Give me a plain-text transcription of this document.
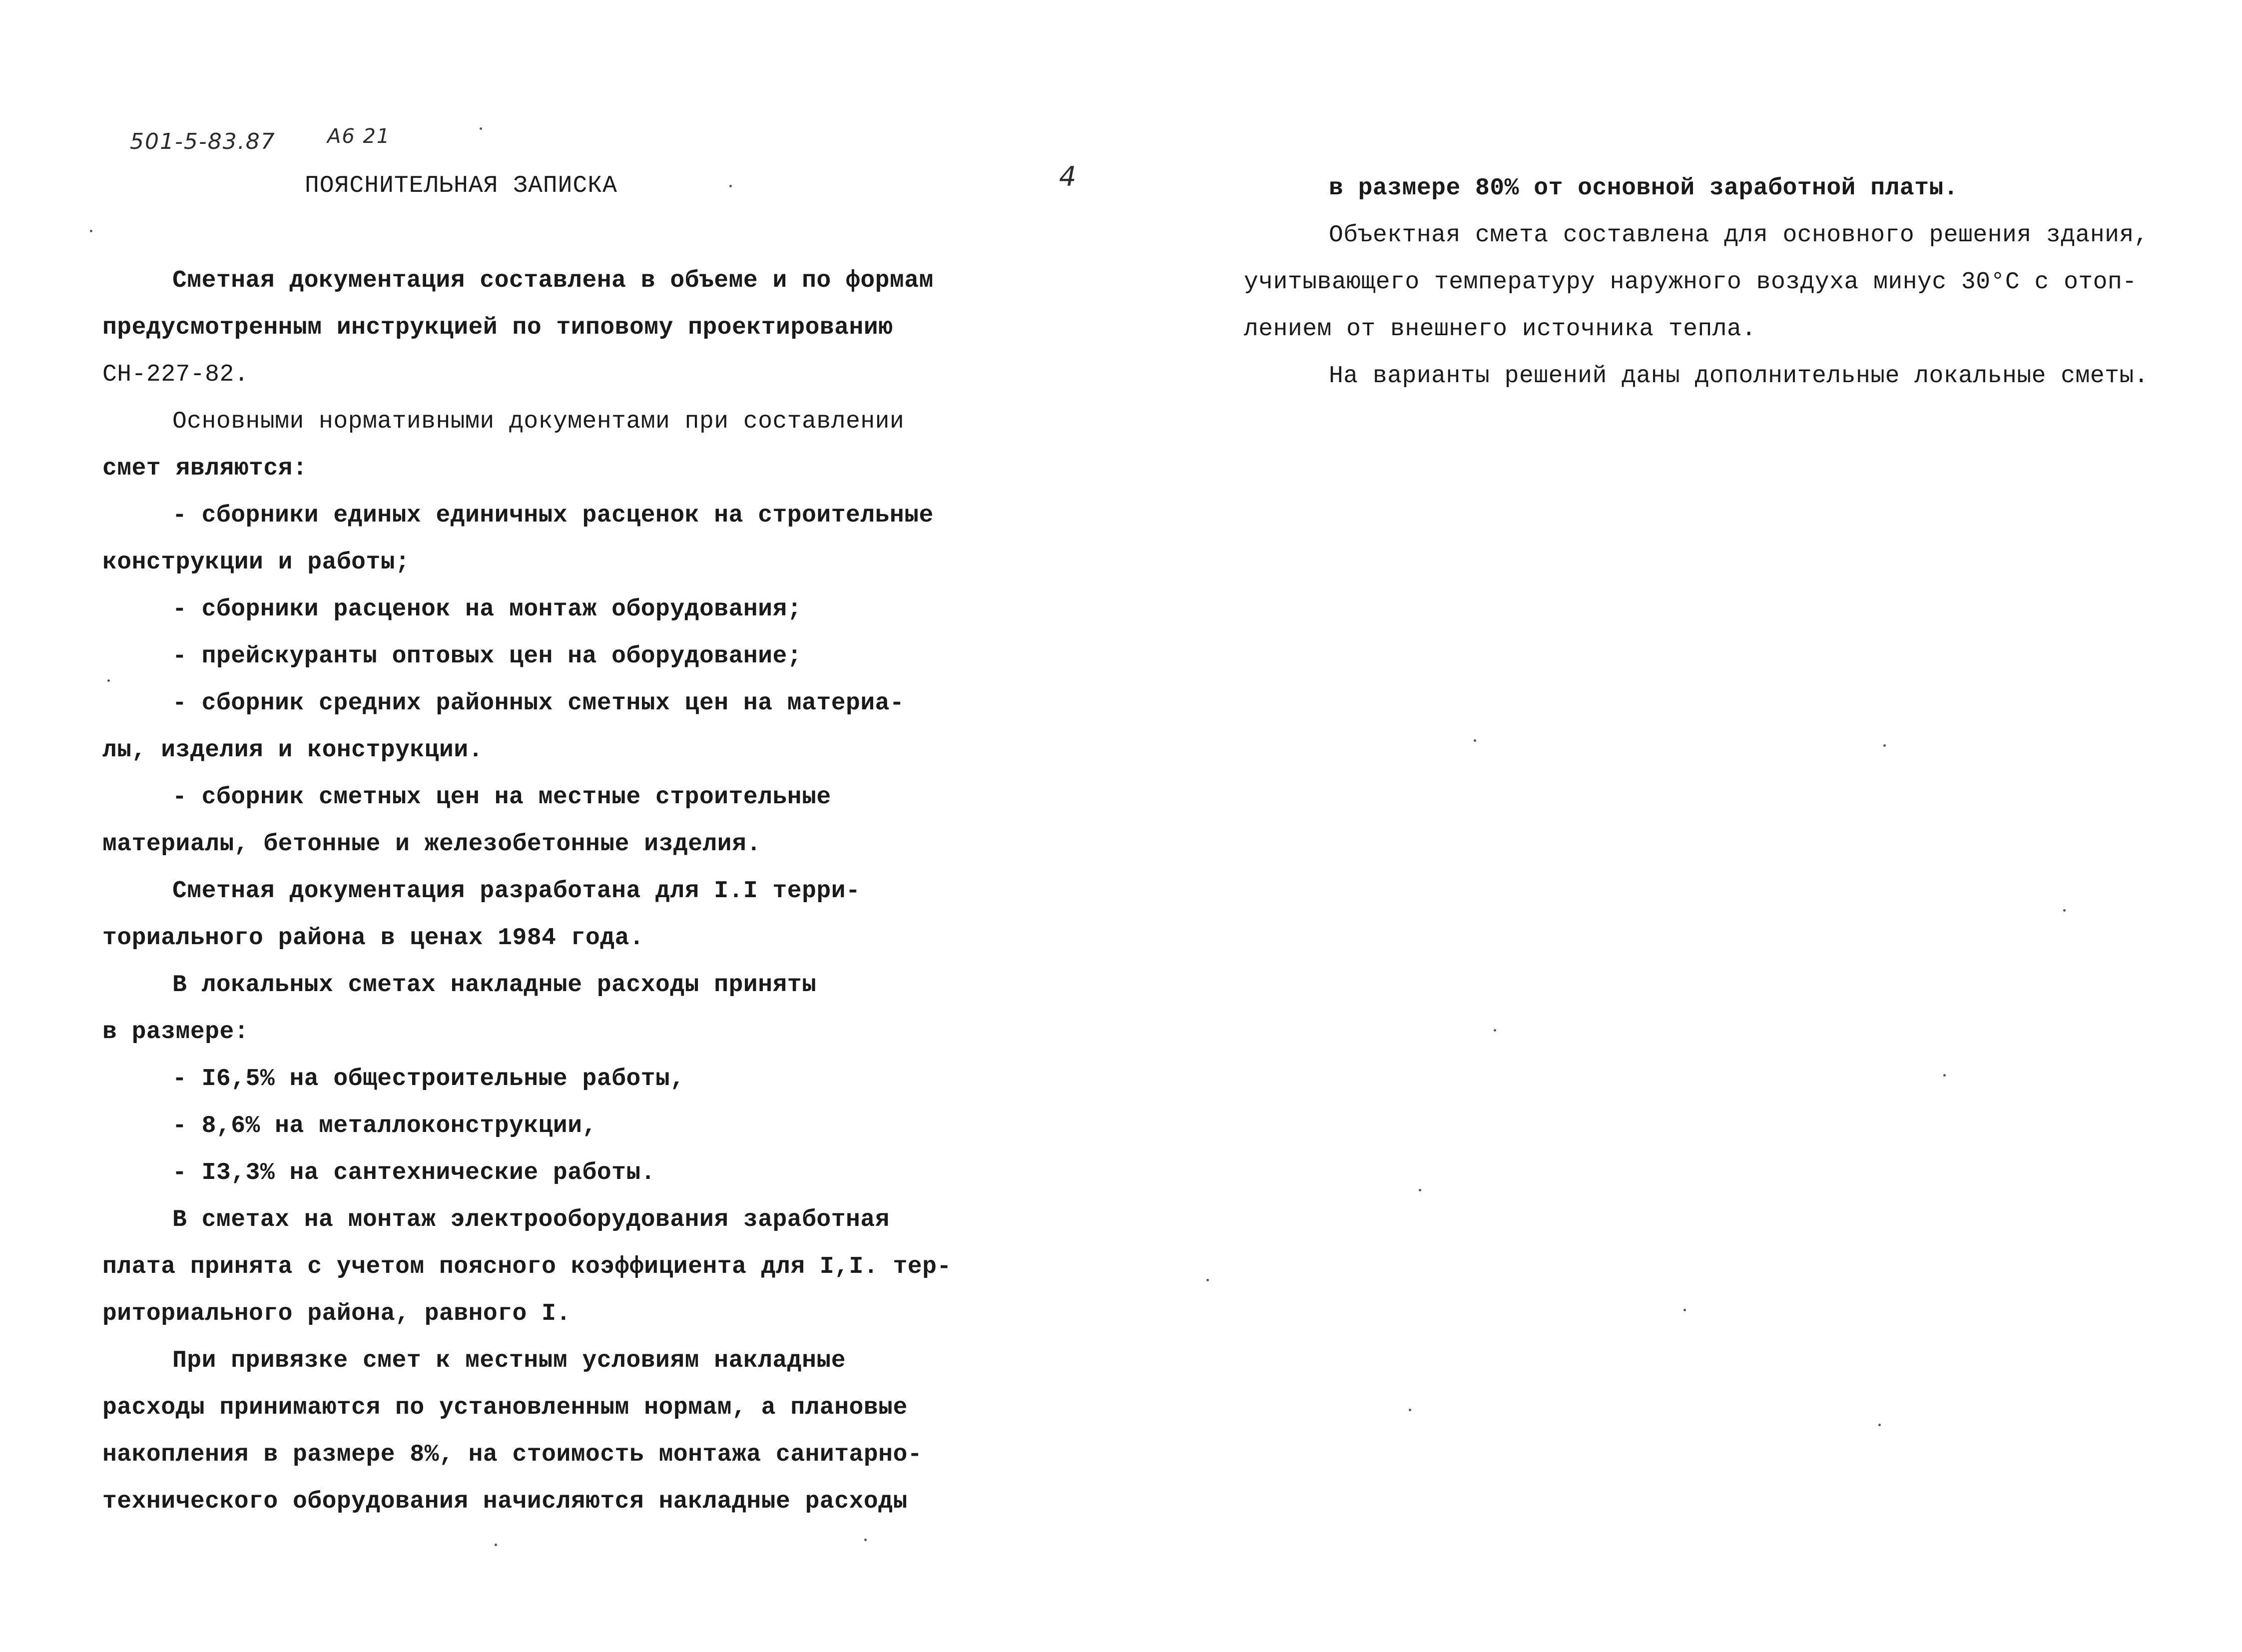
501-5-83.87	А6 21
4
ПОЯСНИТЕЛЬНАЯ ЗАПИСКА
Сметная документация составлена в объеме и по формам
предусмотренным инструкцией по типовому проектированию
СН-227-82.
Основными нормативными документами при составлении
смет являются:
- сборники единых единичных расценок на строительные
конструкции и работы;
- сборники расценок на монтаж оборудования;
- прейскуранты оптовых цен на оборудование;
- сборник средних районных сметных цен на материа-
лы, изделия и конструкции.
- сборник сметных цен на местные строительные
материалы, бетонные и железобетонные изделия.
Сметная документация разработана для I.I терри-
ториального района в ценах 1984 года.
В локальных сметах накладные расходы приняты
в размере:
- I6,5% на общестроительные работы,
- 8,6% на металлоконструкции,
- I3,3% на сантехнические работы.
В сметах на монтаж электрооборудования заработная
плата принята с учетом поясного коэффициента для I,I. тер-
риториального района, равного I.
При привязке смет к местным условиям накладные
расходы принимаются по установленным нормам, а плановые
накопления в размере 8%, на стоимость монтажа санитарно-
технического оборудования начисляются накладные расходы
в размере 80% от основной заработной платы.
Объектная смета составлена для основного решения здания,
учитывающего температуру наружного воздуха минус 30°С с отоп-
лением от внешнего источника тепла.
На варианты решений даны дополнительные локальные сметы.
